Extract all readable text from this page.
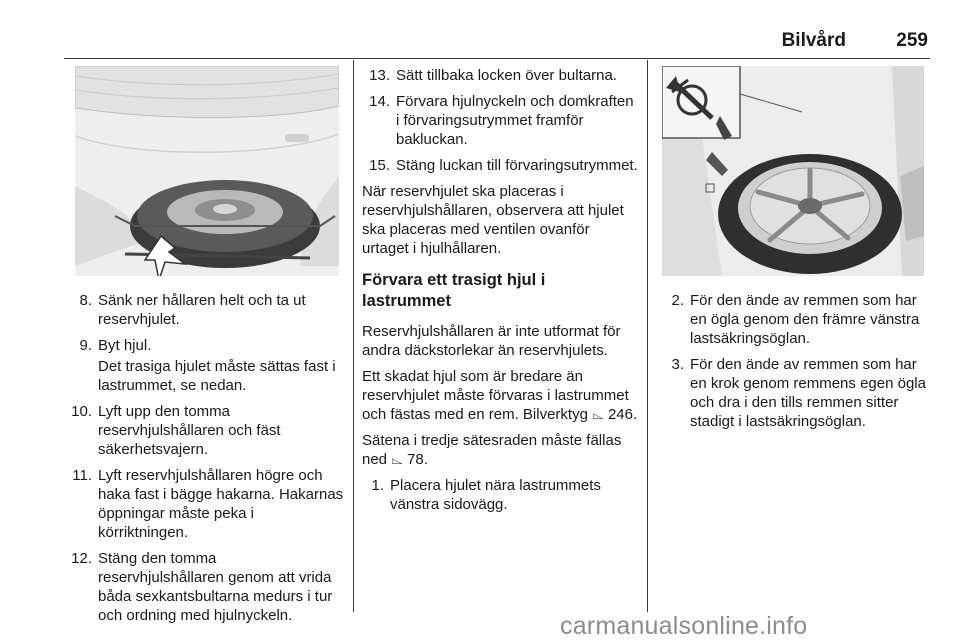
Bilvård	259
8. Sänk ner hållaren helt och ta ut reservhjulet.
9. Byt hjul.
Det trasiga hjulet måste sättas fast i lastrummet, se nedan.
10. Lyft upp den tomma reservhjulshållaren och fäst säkerhetsvajern.
11. Lyft reservhjulshållaren högre och haka fast i bägge hakarna. Hakarnas öppningar måste peka i körriktningen.
12. Stäng den tomma reservhjulshållaren genom att vrida båda sexkantsbultarna medurs i tur och ordning med hjulnyckeln.
13. Sätt tillbaka locken över bultarna.
14. Förvara hjulnyckeln och domkraften i förvaringsutrymmet framför bakluckan.
15. Stäng luckan till förvaringsutrymmet.

När reservhjulet ska placeras i reservhjulshållaren, observera att hjulet ska placeras med ventilen ovanför urtaget i hjulhållaren.

Förvara ett trasigt hjul i lastrummet

Reservhjulshållaren är inte utformat för andra däckstorlekar än reservhjulets.

Ett skadat hjul som är bredare än reservhjulet måste förvaras i lastrummet och fästas med en rem. Bilverktyg ⌳ 246.

Sätena i tredje sätesraden måste fällas ned ⌳ 78.

1. Placera hjulet nära lastrummets vänstra sidovägg.
2. För den ände av remmen som har en ögla genom den främre vänstra lastsäkringsöglan.
3. För den ände av remmen som har en krok genom remmens egen ögla och dra i den tills remmen sitter stadigt i lastsäkringsöglan.
carmanualsonline.info
